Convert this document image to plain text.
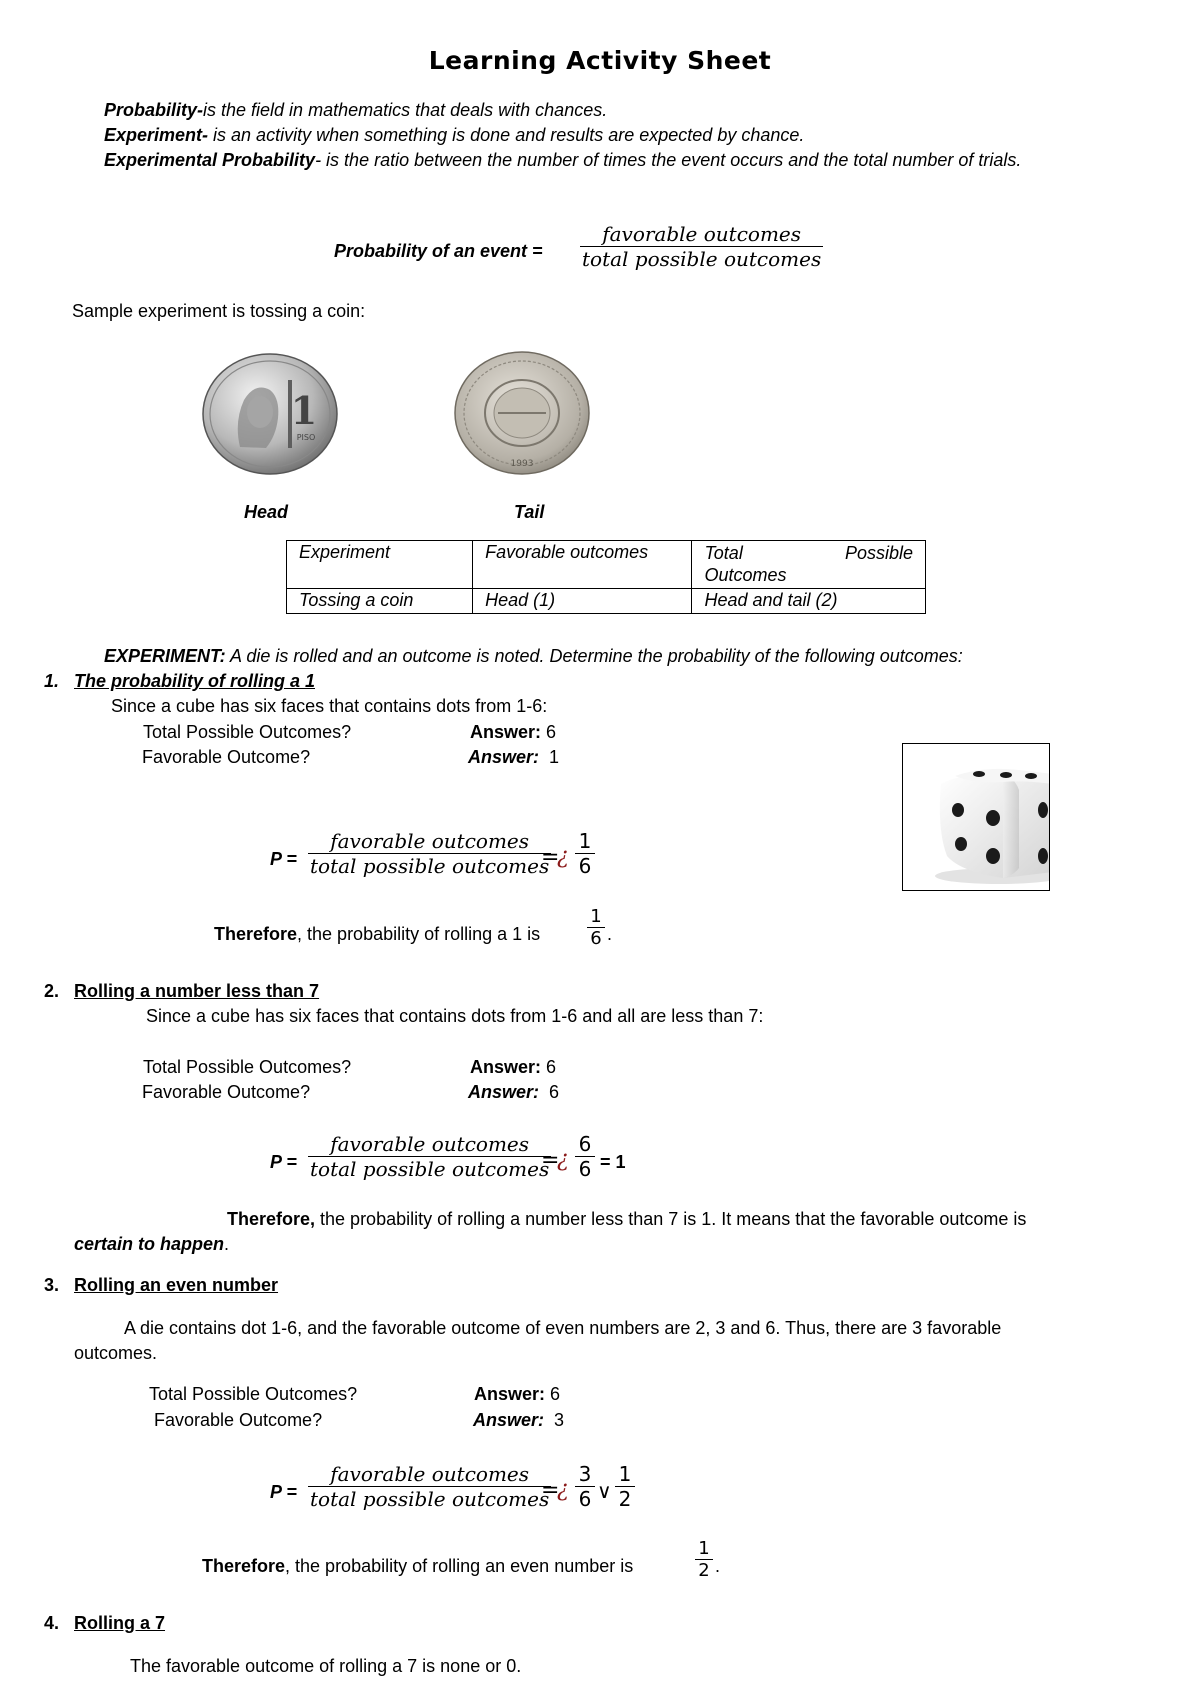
Learning Activity Sheet
Probability-is the field in mathematics that deals with chances.
Experiment- is an activity when something is done and results are expected by chance.
Experimental Probability- is the ratio between the number of times the event occurs and the total number of trials.
Probability of an event =
favorable outcomes
total possible outcomes
Sample experiment is tossing a coin:
1
PISO
1993
Head	Tail
Experiment	Favorable outcomes	Total Possible
Outcomes

Tossing a coin	Head (1)	Head and tail (2)
EXPERIMENT: A die is rolled and an outcome is noted. Determine the probability of the following outcomes:
1. The probability of rolling a 1
Since a cube has six faces that contains dots from 1-6:
Total Possible Outcomes?	Answer: 6
Favorable Outcome?	Answer: 1
P =
favorable outcomes
total possible outcomes
=
¿
1
6
Therefore, the probability of rolling a 1 is
1
6 .
2. Rolling a number less than 7
Since a cube has six faces that contains dots from 1-6 and all are less than 7:
Total Possible Outcomes?	Answer: 6
Favorable Outcome?	Answer: 6
P =
favorable outcomes
total possible outcomes
=
¿
6
6 = 1
Therefore, the probability of rolling a number less than 7 is 1. It means that the favorable outcome is
certain to happen.
3. Rolling an even number
A die contains dot 1-6, and the favorable outcome of even numbers are 2, 3 and 6. Thus, there are 3 favorable
outcomes.
Total Possible Outcomes?	Answer: 6
Favorable Outcome?	Answer: 3
P =
favorable outcomes
total possible outcomes
=
¿
3
6 ∨
1
2
Therefore, the probability of rolling an even number is
1
2 .
4. Rolling a 7
The favorable outcome of rolling a 7 is none or 0.
